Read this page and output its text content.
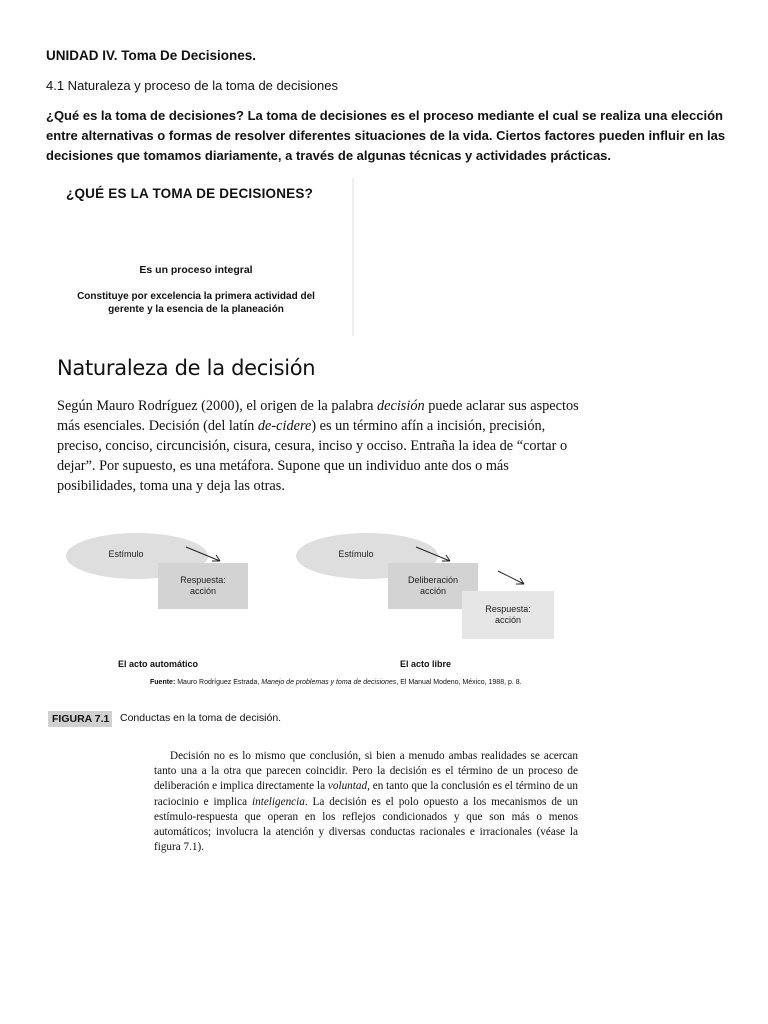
UNIDAD IV. Toma De Decisiones.
4.1 Naturaleza y proceso de la toma de decisiones
¿Qué es la toma de decisiones? La toma de decisiones es el proceso mediante el cual se realiza una elección entre alternativas o formas de resolver diferentes situaciones de la vida. Ciertos factores pueden influir en las decisiones que tomamos diariamente, a través de algunas técnicas y actividades prácticas.
¿QUÉ ES LA TOMA DE DECISIONES?
Es un proceso integral
Constituye por excelencia la primera actividad del gerente y la esencia de la planeación
Naturaleza de la decisión
Según Mauro Rodríguez (2000), el origen de la palabra decisión puede aclarar sus aspectos más esenciales. Decisión (del latín de-cidere) es un término afín a incisión, precisión, preciso, conciso, circuncisión, cisura, cesura, inciso y occiso. Entraña la idea de “cortar o dejar”. Por supuesto, es una metáfora. Supone que un individuo ante dos o más posibilidades, toma una y deja las otras.
Estímulo
Respuesta:
acción
El acto automático
Estímulo
Deliberación
acción
Respuesta:
acción
El acto libre
Fuente: Mauro Rodríguez Estrada, Manejo de problemas y toma de decisiones, El Manual Modeno, México, 1988, p. 8.
FIGURA 7.1 Conductas en la toma de decisión.
Decisión no es lo mismo que conclusión, si bien a menudo ambas realidades se acercan tanto una a la otra que parecen coincidir. Pero la decisión es el término de un proceso de deliberación e implica directamente la voluntad, en tanto que la conclusión es el término de un raciocinio e implica inteligencia. La decisión es el polo opuesto a los mecanismos de un estímulo-respuesta que operan en los reflejos condicionados y que son más o menos automáticos; involucra la atención y diversas conductas racionales e irracionales (véase la figura 7.1).
